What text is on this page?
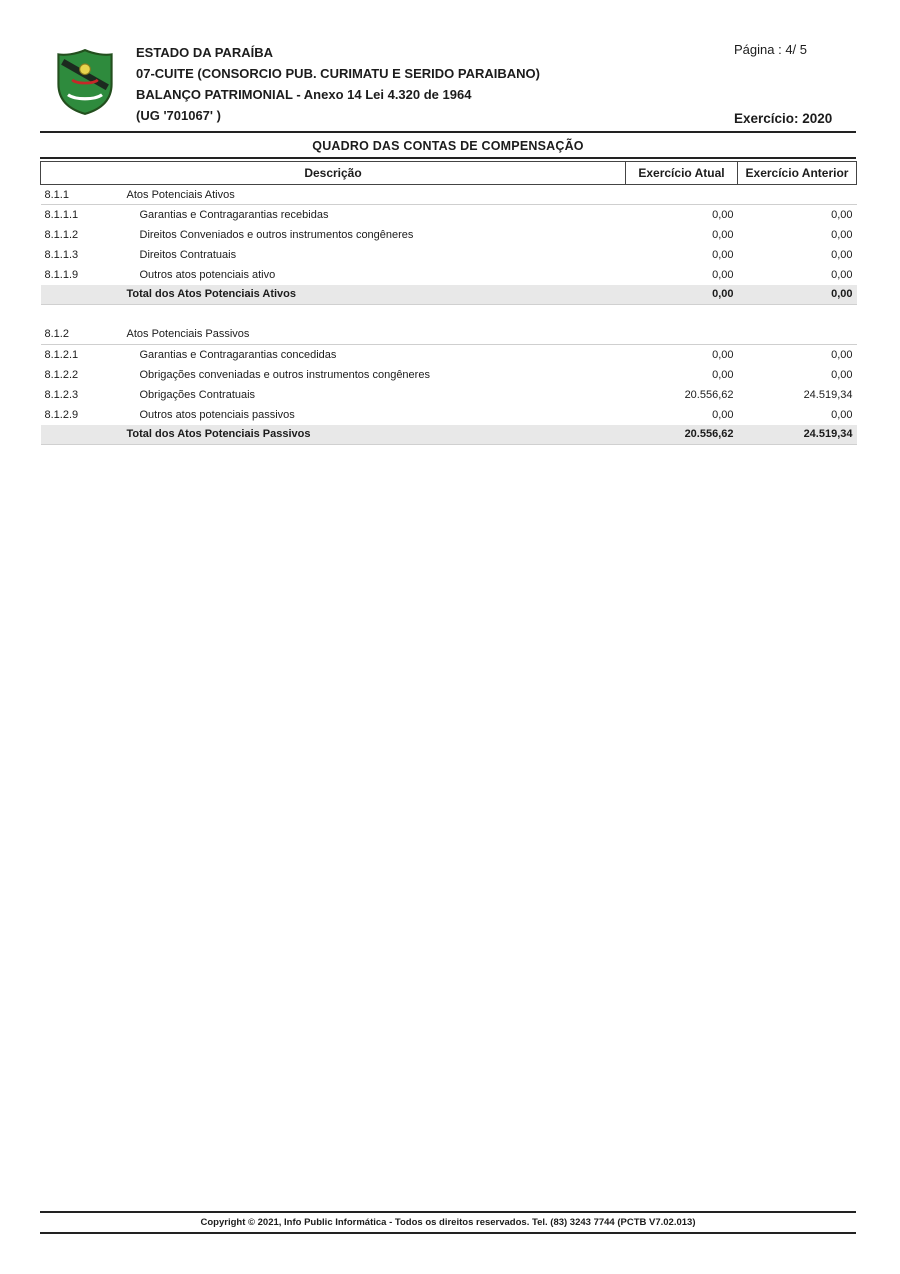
ESTADO DA PARAÍBA
07-CUITE (CONSORCIO PUB. CURIMATU E SERIDO PARAIBANO)
BALANÇO PATRIMONIAL - Anexo 14 Lei 4.320 de 1964
(UG '701067' )
Página : 4/ 5
Exercício: 2020
QUADRO DAS CONTAS DE COMPENSAÇÃO
Descrição	Exercício Atual	Exercício Anterior
8.1.1 Atos Potenciais Ativos		
8.1.1.1 Garantias e Contragarantias recebidas	0,00	0,00
8.1.1.2 Direitos Conveniados e outros instrumentos congêneres	0,00	0,00
8.1.1.3 Direitos Contratuais	0,00	0,00
8.1.1.9 Outros atos potenciais ativo	0,00	0,00
Total dos Atos Potenciais Ativos	0,00	0,00

8.1.2 Atos Potenciais Passivos		
8.1.2.1 Garantias e Contragarantias concedidas	0,00	0,00
8.1.2.2 Obrigações conveniadas e outros instrumentos congêneres	0,00	0,00
8.1.2.3 Obrigações Contratuais	20.556,62	24.519,34
8.1.2.9 Outros atos potenciais passivos	0,00	0,00
Total dos Atos Potenciais Passivos	20.556,62	24.519,34
Copyright © 2021, Info Public Informática - Todos os direitos reservados. Tel. (83) 3243 7744 (PCTB V7.02.013)
